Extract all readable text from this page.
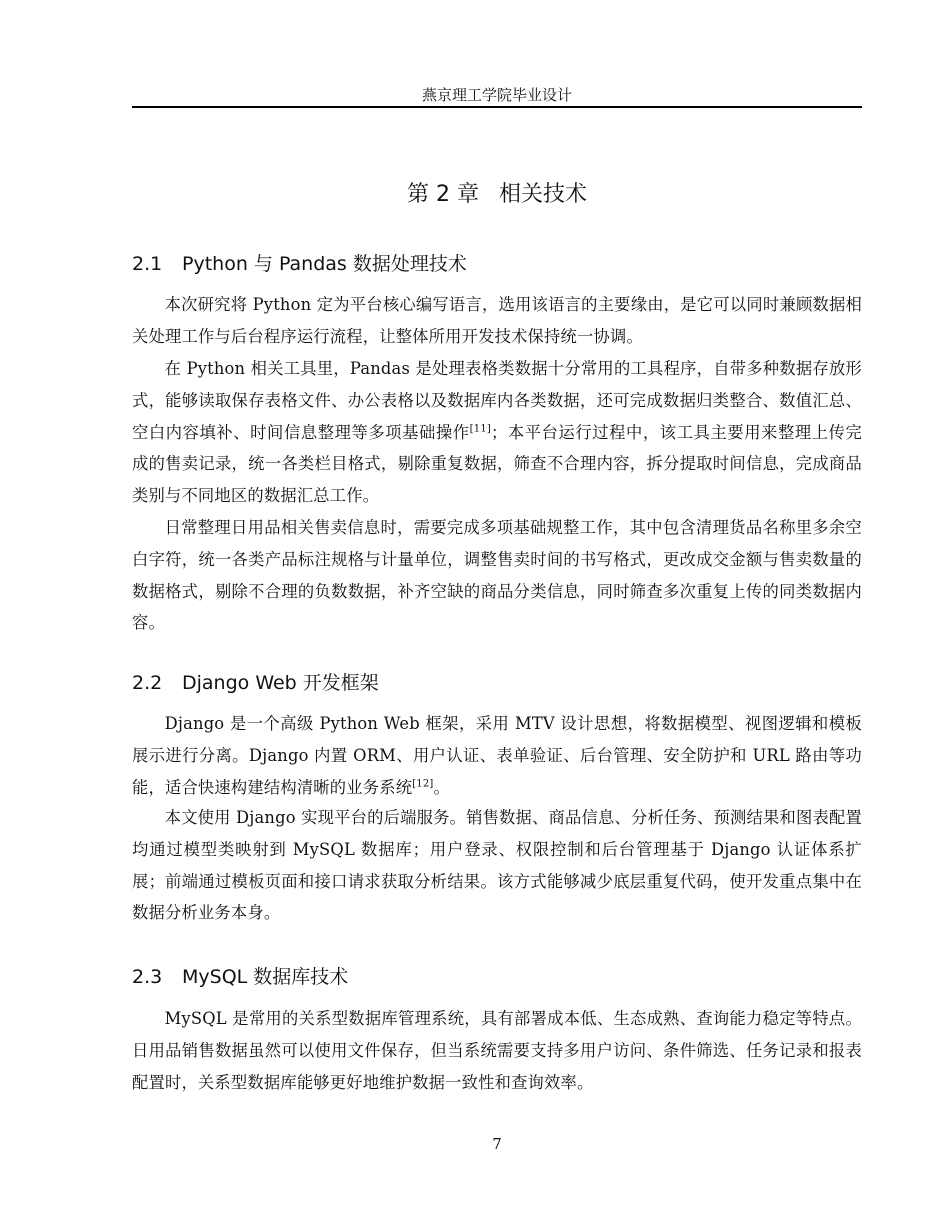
燕京理工学院毕业设计
第 2 章 相关技术
2.1 Python 与 Pandas 数据处理技术

本次研究将 Python 定为平台核心编写语言，选用该语言的主要缘由，是它可以同时兼顾数据相关处理工作与后台程序运行流程，让整体所用开发技术保持统一协调。

在 Python 相关工具里，Pandas 是处理表格类数据十分常用的工具程序，自带多种数据存放形式，能够读取保存表格文件、办公表格以及数据库内各类数据，还可完成数据归类整合、数值汇总、空白内容填补、时间信息整理等多项基础操作[11]；本平台运行过程中，该工具主要用来整理上传完成的售卖记录，统一各类栏目格式，剔除重复数据，筛查不合理内容，拆分提取时间信息，完成商品类别与不同地区的数据汇总工作。

日常整理日用品相关售卖信息时，需要完成多项基础规整工作，其中包含清理货品名称里多余空白字符，统一各类产品标注规格与计量单位，调整售卖时间的书写格式，更改成交金额与售卖数量的数据格式，剔除不合理的负数数据，补齐空缺的商品分类信息，同时筛查多次重复上传的同类数据内容。

2.2 Django Web 开发框架

Django 是一个高级 Python Web 框架，采用 MTV 设计思想，将数据模型、视图逻辑和模板展示进行分离。Django 内置 ORM、用户认证、表单验证、后台管理、安全防护和 URL 路由等功能，适合快速构建结构清晰的业务系统[12]。

本文使用 Django 实现平台的后端服务。销售数据、商品信息、分析任务、预测结果和图表配置均通过模型类映射到 MySQL 数据库；用户登录、权限控制和后台管理基于 Django 认证体系扩展；前端通过模板页面和接口请求获取分析结果。该方式能够减少底层重复代码，使开发重点集中在数据分析业务本身。

2.3 MySQL 数据库技术

MySQL 是常用的关系型数据库管理系统，具有部署成本低、生态成熟、查询能力稳定等特点。日用品销售数据虽然可以使用文件保存，但当系统需要支持多用户访问、条件筛选、任务记录和报表配置时，关系型数据库能够更好地维护数据一致性和查询效率。

7
